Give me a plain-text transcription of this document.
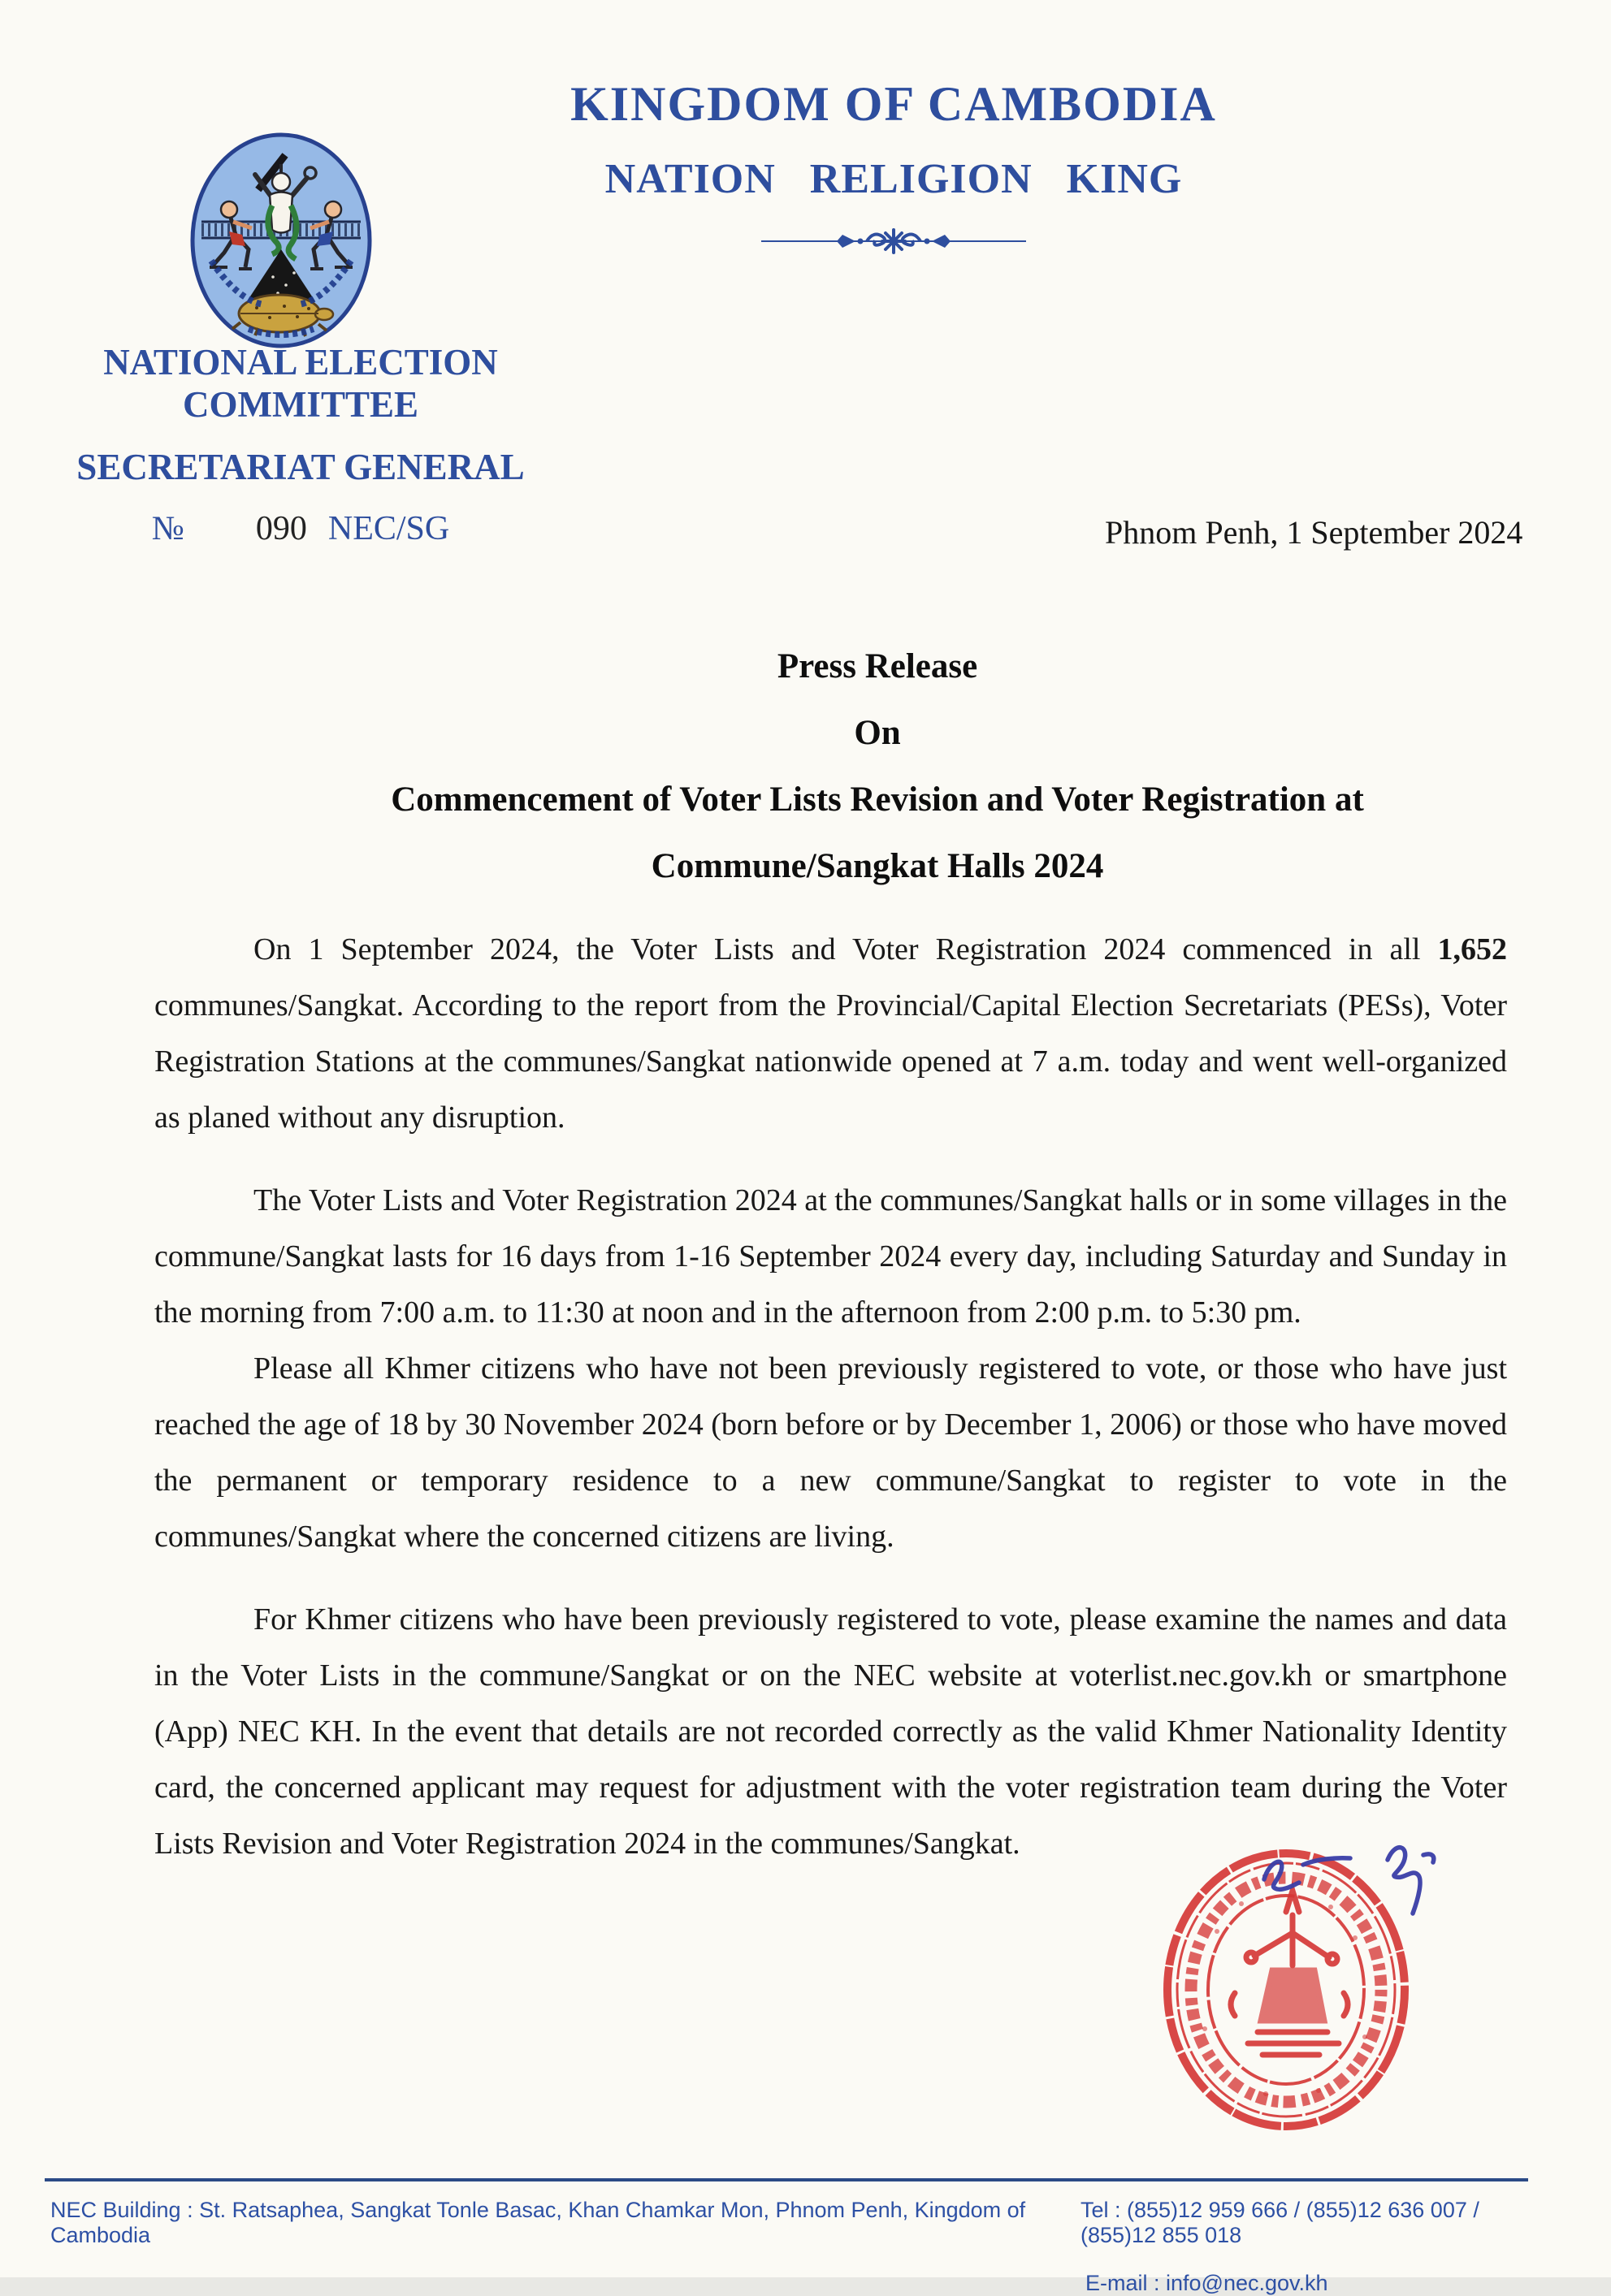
KINGDOM OF CAMBODIA
NATION RELIGION KING
NATIONAL ELECTION COMMITTEE
SECRETARIAT GENERAL
№ 090 NEC/SG	Phnom Penh, 1 September 2024
Press Release
On
Commencement of Voter Lists Revision and Voter Registration at
Commune/Sangkat Halls 2024

On 1 September 2024, the Voter Lists and Voter Registration 2024 commenced in all 1,652 communes/Sangkat. According to the report from the Provincial/Capital Election Secretariats (PESs), Voter Registration Stations at the communes/Sangkat nationwide opened at 7 a.m. today and went well-organized as planed without any disruption.

The Voter Lists and Voter Registration 2024 at the communes/Sangkat halls or in some villages in the commune/Sangkat lasts for 16 days from 1-16 September 2024 every day, including Saturday and Sunday in the morning from 7:00 a.m. to 11:30 at noon and in the afternoon from 2:00 p.m. to 5:30 pm.

Please all Khmer citizens who have not been previously registered to vote, or those who have just reached the age of 18 by 30 November 2024 (born before or by December 1, 2006) or those who have moved the permanent or temporary residence to a new commune/Sangkat to register to vote in the communes/Sangkat where the concerned citizens are living.

For Khmer citizens who have been previously registered to vote, please examine the names and data in the Voter Lists in the commune/Sangkat or on the NEC website at voterlist.nec.gov.kh or smartphone (App) NEC KH. In the event that details are not recorded correctly as the valid Khmer Nationality Identity card, the concerned applicant may request for adjustment with the voter registration team during the Voter Lists Revision and Voter Registration 2024 in the communes/Sangkat.

NEC Building : St. Ratsaphea, Sangkat Tonle Basac, Khan Chamkar Mon, Phnom Penh, Kingdom of Cambodia
Tel : (855)12 959 666 / (855)12 636 007 / (855)12 855 018
E-mail : info@nec.gov.kh
